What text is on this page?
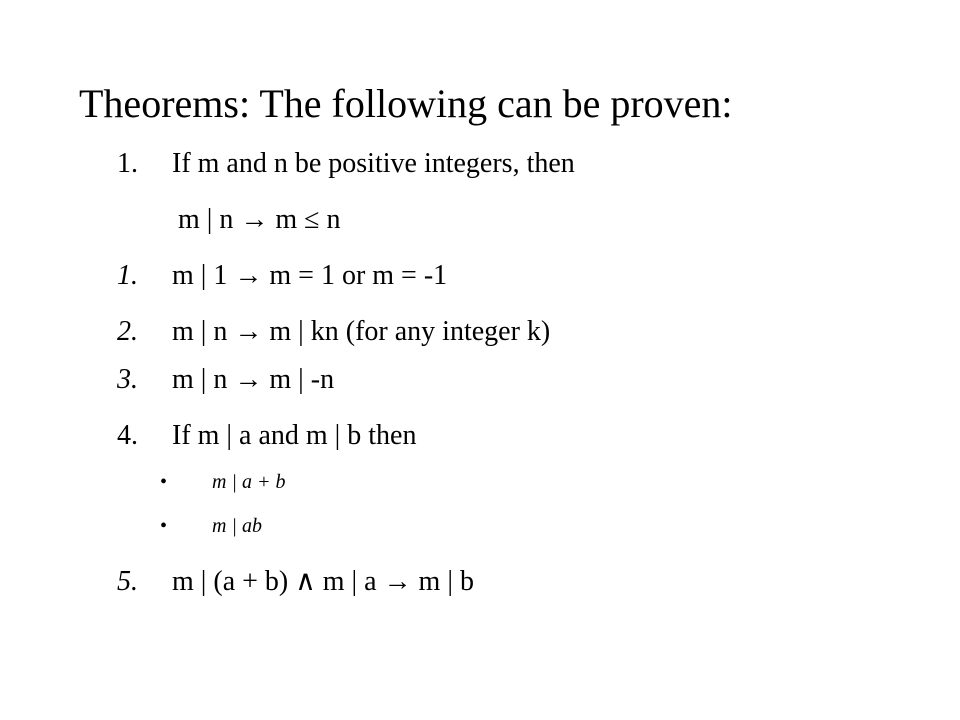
Theorems: The following can be proven:
1. If m and n be positive integers, then
m | n → m ≤ n
1. m | 1 → m = 1 or m = -1
2. m | n → m | kn (for any integer k)
3. m | n → m | -n
4. If m | a and m | b then
• m | a + b
• m | ab
5. m | (a + b) ∧ m | a → m | b
